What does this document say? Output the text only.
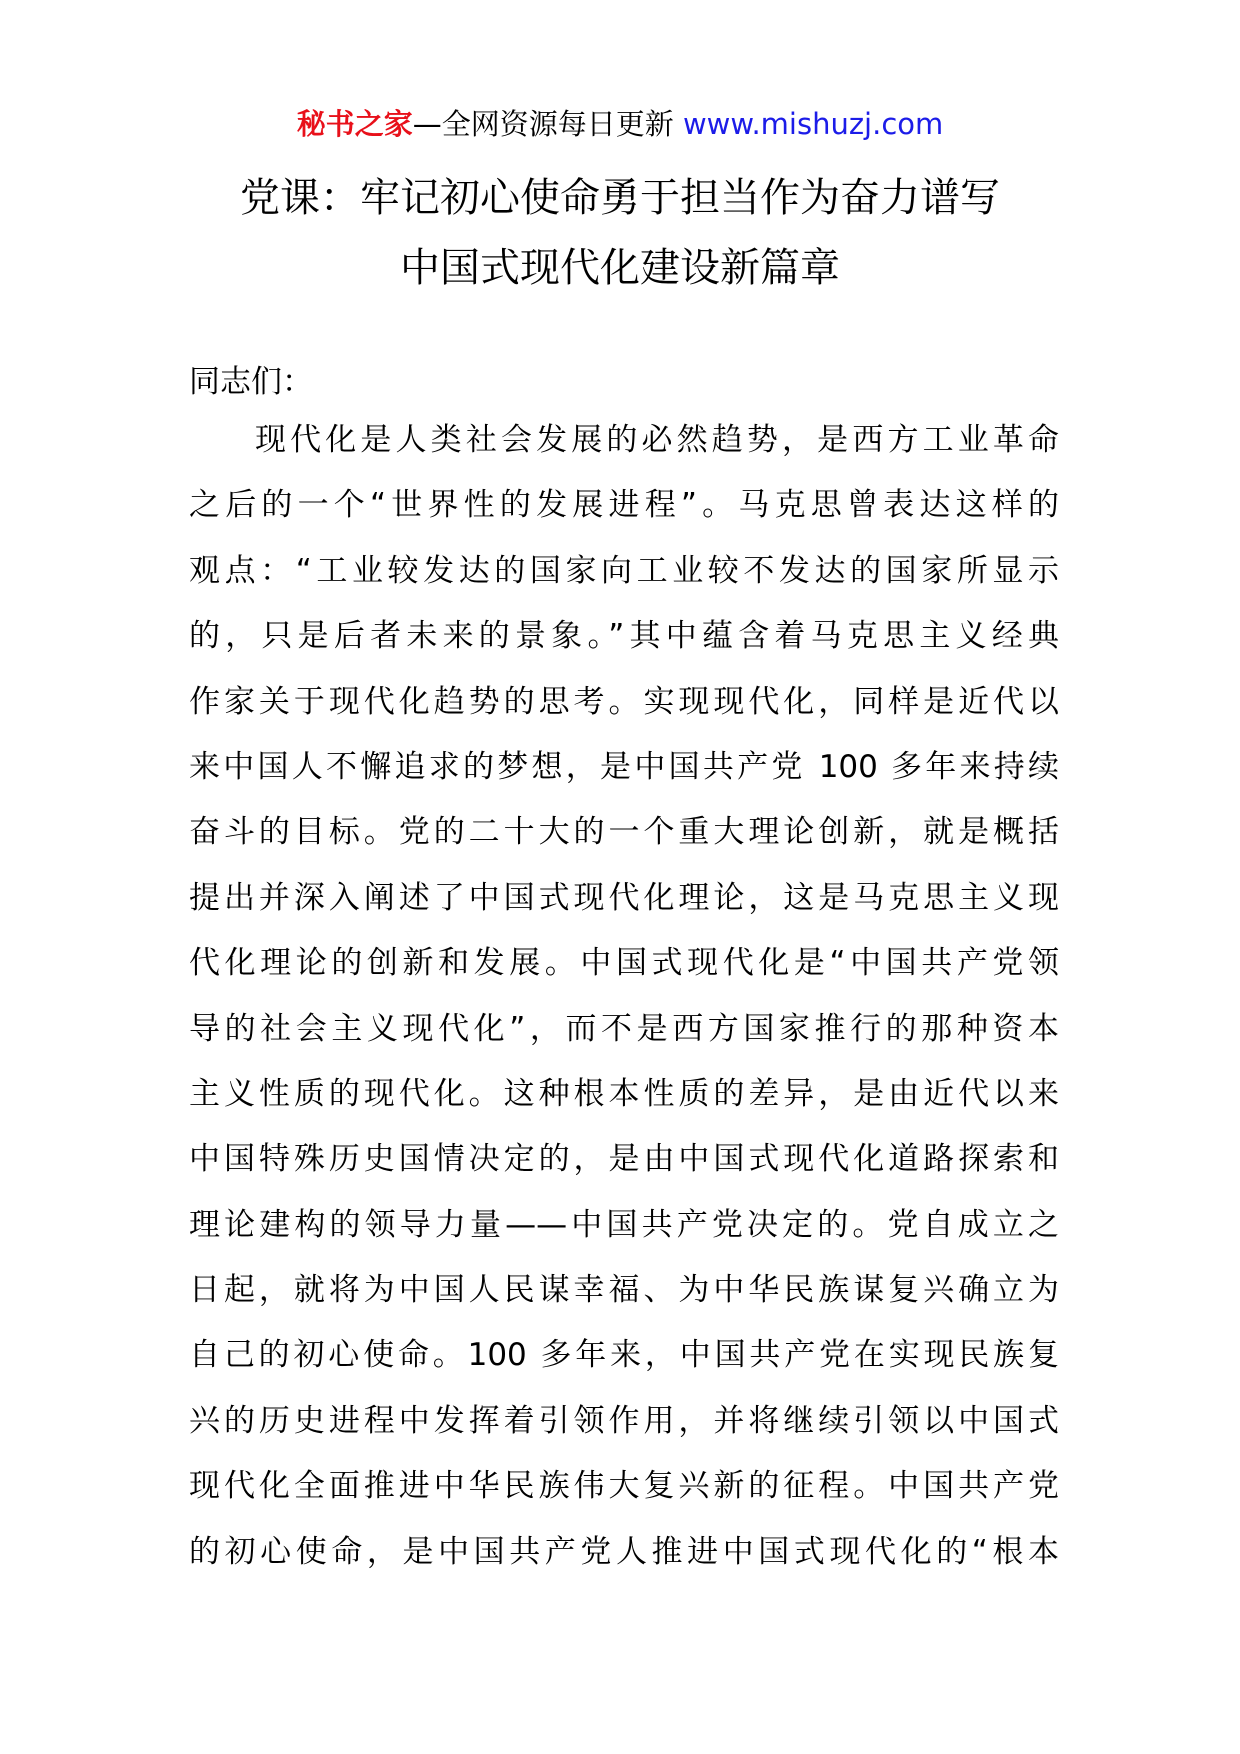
秘书之家—全网资源每日更新 www.mishuzj.com
党课：牢记初心使命勇于担当作为奋力谱写
中国式现代化建设新篇章
同志们：
现代化是人类社会发展的必然趋势，是西方工业革命
之后的一个“世界性的发展进程”。马克思曾表达这样的
观点：“工业较发达的国家向工业较不发达的国家所显示
的，只是后者未来的景象。”其中蕴含着马克思主义经典
作家关于现代化趋势的思考。实现现代化，同样是近代以
来中国人不懈追求的梦想，是中国共产党 100 多年来持续
奋斗的目标。党的二十大的一个重大理论创新，就是概括
提出并深入阐述了中国式现代化理论，这是马克思主义现
代化理论的创新和发展。中国式现代化是“中国共产党领
导的社会主义现代化”，而不是西方国家推行的那种资本
主义性质的现代化。这种根本性质的差异，是由近代以来
中国特殊历史国情决定的，是由中国式现代化道路探索和
理论建构的领导力量——中国共产党决定的。党自成立之
日起，就将为中国人民谋幸福、为中华民族谋复兴确立为
自己的初心使命。100 多年来，中国共产党在实现民族复
兴的历史进程中发挥着引领作用，并将继续引领以中国式
现代化全面推进中华民族伟大复兴新的征程。中国共产党
的初心使命，是中国共产党人推进中国式现代化的“根本
